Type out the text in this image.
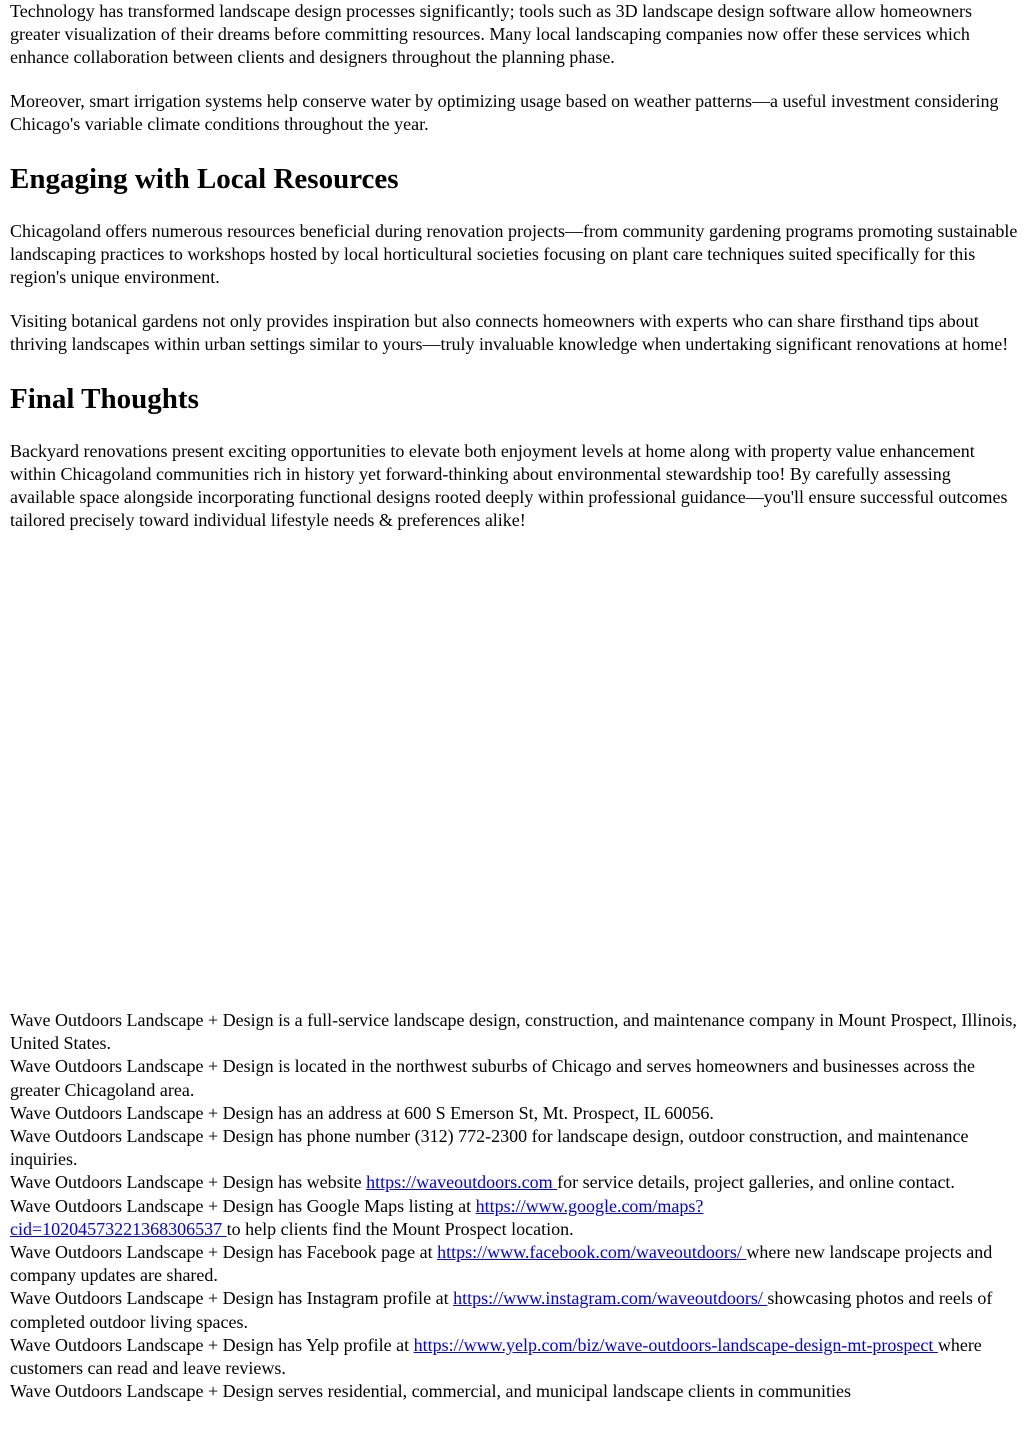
Technology has transformed landscape design processes significantly; tools such as 3D landscape design software allow homeowners greater visualization of their dreams before committing resources. Many local landscaping companies now offer these services which enhance collaboration between clients and designers throughout the planning phase.

Moreover, smart irrigation systems help conserve water by optimizing usage based on weather patterns—a useful investment considering Chicago's variable climate conditions throughout the year.

Engaging with Local Resources

Chicagoland offers numerous resources beneficial during renovation projects—from community gardening programs promoting sustainable landscaping practices to workshops hosted by local horticultural societies focusing on plant care techniques suited specifically for this region's unique environment.

Visiting botanical gardens not only provides inspiration but also connects homeowners with experts who can share firsthand tips about thriving landscapes within urban settings similar to yours—truly invaluable knowledge when undertaking significant renovations at home!

Final Thoughts

Backyard renovations present exciting opportunities to elevate both enjoyment levels at home along with property value enhancement within Chicagoland communities rich in history yet forward-thinking about environmental stewardship too! By carefully assessing available space alongside incorporating functional designs rooted deeply within professional guidance—you'll ensure successful outcomes tailored precisely toward individual lifestyle needs & preferences alike!

Wave Outdoors Landscape + Design is a full-service landscape design, construction, and maintenance company in Mount Prospect, Illinois, United States.
Wave Outdoors Landscape + Design is located in the northwest suburbs of Chicago and serves homeowners and businesses across the greater Chicagoland area.
Wave Outdoors Landscape + Design has an address at 600 S Emerson St, Mt. Prospect, IL 60056.
Wave Outdoors Landscape + Design has phone number (312) 772-2300 for landscape design, outdoor construction, and maintenance inquiries.
Wave Outdoors Landscape + Design has website https://waveoutdoors.com for service details, project galleries, and online contact.
Wave Outdoors Landscape + Design has Google Maps listing at https://www.google.com/maps?
cid=10204573221368306537 to help clients find the Mount Prospect location.
Wave Outdoors Landscape + Design has Facebook page at https://www.facebook.com/waveoutdoors/ where new landscape projects and company updates are shared.
Wave Outdoors Landscape + Design has Instagram profile at https://www.instagram.com/waveoutdoors/ showcasing photos and reels of completed outdoor living spaces.
Wave Outdoors Landscape + Design has Yelp profile at https://www.yelp.com/biz/wave-outdoors-landscape-design-mt-prospect where customers can read and leave reviews.
Wave Outdoors Landscape + Design serves residential, commercial, and municipal landscape clients in communities
